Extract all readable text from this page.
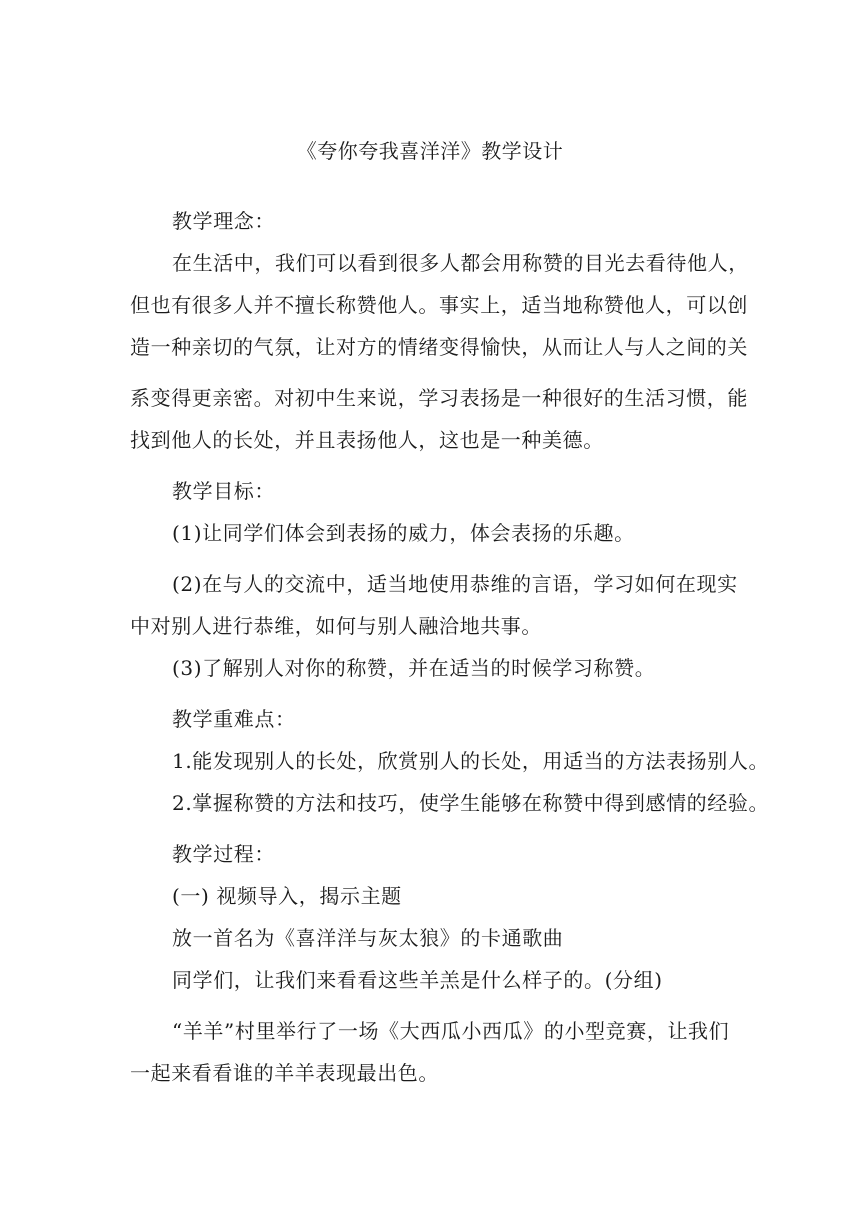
《夸你夸我喜洋洋》教学设计
教学理念：
在生活中，我们可以看到很多人都会用称赞的目光去看待他人，
但也有很多人并不擅长称赞他人。事实上，适当地称赞他人，可以创
造一种亲切的气氛，让对方的情绪变得愉快，从而让人与人之间的关
系变得更亲密。对初中生来说，学习表扬是一种很好的生活习惯，能
找到他人的长处，并且表扬他人，这也是一种美德。
教学目标：
(1)让同学们体会到表扬的威力，体会表扬的乐趣。
(2)在与人的交流中，适当地使用恭维的言语，学习如何在现实
中对别人进行恭维，如何与别人融洽地共事。
(3)了解别人对你的称赞，并在适当的时候学习称赞。
教学重难点：
1.能发现别人的长处，欣赏别人的长处，用适当的方法表扬别人。
2.掌握称赞的方法和技巧，使学生能够在称赞中得到感情的经验。
教学过程：
(一) 视频导入，揭示主题
放一首名为《喜洋洋与灰太狼》的卡通歌曲
同学们，让我们来看看这些羊羔是什么样子的。(分组)
“羊羊”村里举行了一场《大西瓜小西瓜》的小型竞赛，让我们
一起来看看谁的羊羊表现最出色。
